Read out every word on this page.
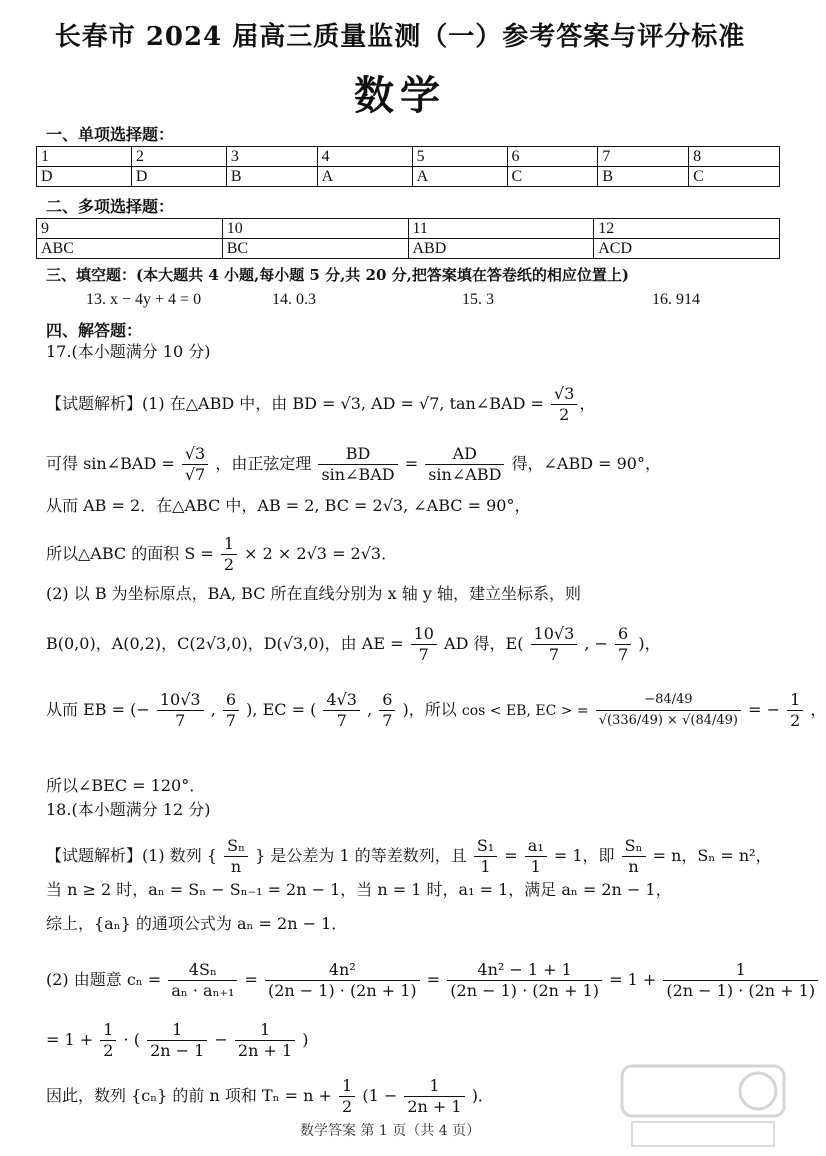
长春市 2024 届高三质量监测（一）参考答案与评分标准
数学
一、单项选择题：
1	2	3	4	5	6	7	8
D	D	B	A	A	C	B	C
二、多项选择题：
9	10	11	12
ABC	BC	ABD	ACD
三、填空题：(本大题共 4 小题,每小题 5 分,共 20 分,把答案填在答卷纸的相应位置上)
13. x − 4y + 4 = 0	14. 0.3	15. 3	16. 914
四、解答题：
17.(本小题满分 10 分)
【试题解析】(1) 在△ABD 中，由 BD = √3, AD = √7, tan∠BAD = $\frac{√3}{2}$ ，
可得 sin∠BAD = $\frac{√3}{√7}$ ，由正弦定理 $\frac{BD}{\text{sin∠BAD}} = \frac{AD}{\text{sin∠ABD}}$ 得，∠ABD = 90°，
从而 AB = 2．在△ABC 中，AB = 2, BC = 2√3, ∠ABC = 90°，
所以△ABC 的面积 $S = \frac{1}{2} \times 2 \times 2√3 = 2√3$．
(2) 以 B 为坐标原点，BA, BC 所在直线分别为 x 轴 y 轴，建立坐标系，则
B(0,0)，A(0,2)，C(2√3,0)，D(√3,0)，由 AE = $\frac{10}{7}$ AD 得，$E( \frac{10√3}{7}$ , − $\frac{6}{7}$ )，
从而 EB = (− $\frac{10√3}{7}$ , $\frac{6}{7}$ ), EC = ( $\frac{4√3}{7}$ , $\frac{6}{7}$ )，所以 cos < EB, EC > = $\frac{-84/49}{√(336/49) \times √(84/49)}$ = − $\frac{1}{2}$ ，
所以∠BEC = 120°．
18.(本小题满分 12 分)
【试题解析】(1) 数列 { $\frac{\text{Sₙ}}{n}$ } 是公差为 1 的等差数列，且 $\frac{\text{S₁}}{1} = \frac{\text{a₁}}{1} = 1$，即 $\frac{\text{Sₙ}}{n} = n$，Sₙ = n²，
当 n ≥ 2 时，aₙ = Sₙ − Sₙ₋₁ = 2n − 1，当 n = 1 时，a₁ = 1，满足 aₙ = 2n − 1，
综上，{aₙ} 的通项公式为 aₙ = 2n − 1．
(2) 由题意 $c_n = \frac{\text{4Sₙ}}{\text{aₙ · aₙ₊₁}} = \frac{\text{4n²}}{(2n - 1) \cdot (2n + 1)} = \frac{\text{4n² − 1 + 1}}{(2n - 1) \cdot (2n + 1)} = 1 + \frac{1}{(2n - 1) \cdot (2n + 1)}$
= $1 + \frac{1}{2}$ · ( $\frac{1}{2n - 1} - \frac{1}{2n + 1}$ )
因此，数列 {cₙ} 的前 n 项和 $T_n = n + \frac{1}{2} (1 - \frac{1}{2n + 1}$ )．
数学答案 第 1 页（共 4 页）
